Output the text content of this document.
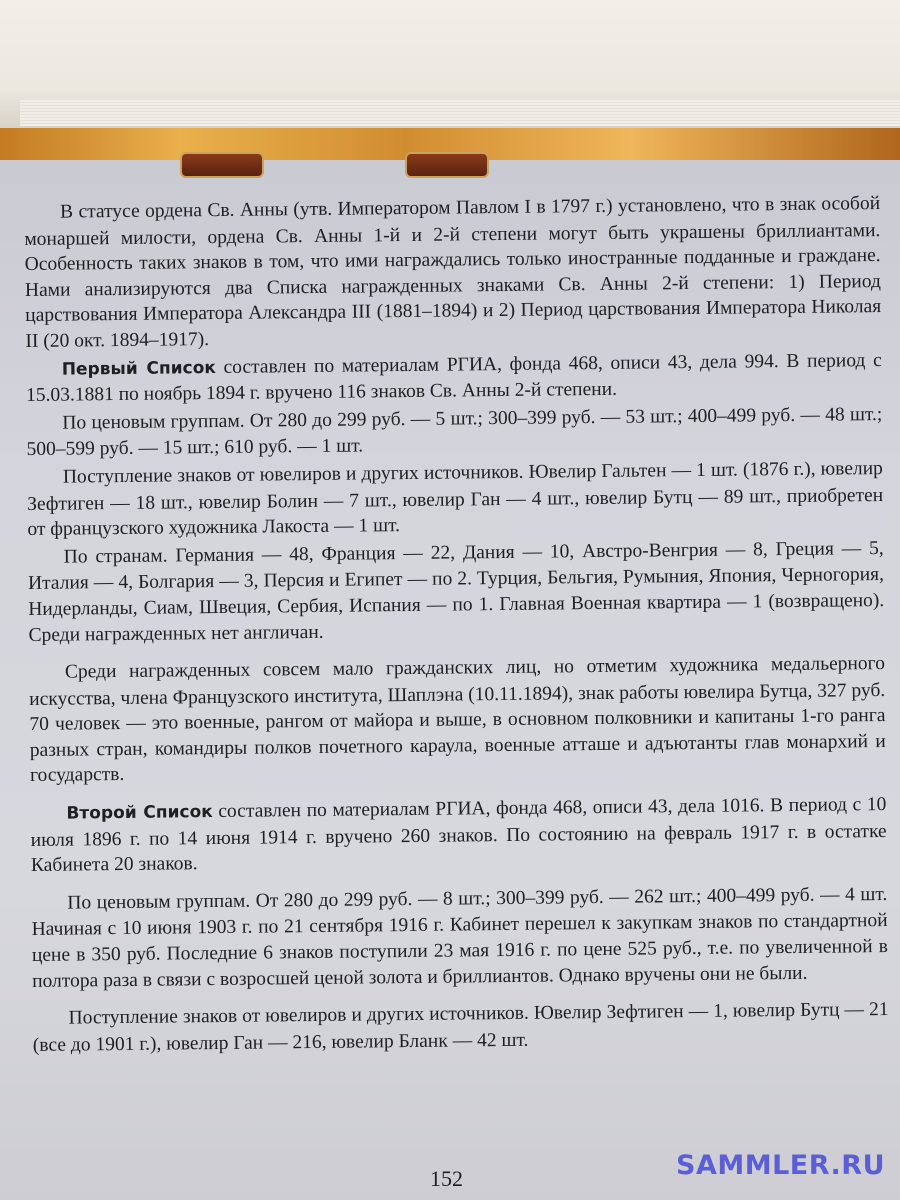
В статусе ордена Св. Анны (утв. Императором Павлом I в 1797 г.) установлено, что в знак особой монаршей милости, ордена Св. Анны 1-й и 2-й степени могут быть украшены бриллиантами. Особенность таких знаков в том, что ими награждались только иностранные подданные и граждане. Нами анализируются два Списка награжденных знаками Св. Анны 2-й степени: 1) Период царствования Императора Александра III (1881–1894) и 2) Период царствования Императора Николая II (20 окт. 1894–1917).

Первый Список составлен по материалам РГИА, фонда 468, описи 43, дела 994. В период с 15.03.1881 по ноябрь 1894 г. вручено 116 знаков Св. Анны 2-й степени.

По ценовым группам. От 280 до 299 руб. — 5 шт.; 300–399 руб. — 53 шт.; 400–499 руб. — 48 шт.; 500–599 руб. — 15 шт.; 610 руб. — 1 шт.

Поступление знаков от ювелиров и других источников. Ювелир Гальтен — 1 шт. (1876 г.), ювелир Зефтиген — 18 шт., ювелир Болин — 7 шт., ювелир Ган — 4 шт., ювелир Бутц — 89 шт., приобретен от французского художника Лакоста — 1 шт.

По странам. Германия — 48, Франция — 22, Дания — 10, Австро-Венгрия — 8, Греция — 5, Италия — 4, Болгария — 3, Персия и Египет — по 2. Турция, Бельгия, Румыния, Япония, Черногория, Нидерланды, Сиам, Швеция, Сербия, Испания — по 1. Главная Военная квартира — 1 (возвращено). Среди награжденных нет англичан.

Среди награжденных совсем мало гражданских лиц, но отметим художника медальерного искусства, члена Французского института, Шаплэна (10.11.1894), знак работы ювелира Бутца, 327 руб. 70 человек — это военные, рангом от майора и выше, в основном полковники и капитаны 1-го ранга разных стран, командиры полков почетного караула, военные атташе и адъютанты глав монархий и государств.

Второй Список составлен по материалам РГИА, фонда 468, описи 43, дела 1016. В период с 10 июля 1896 г. по 14 июня 1914 г. вручено 260 знаков. По состоянию на февраль 1917 г. в остатке Кабинета 20 знаков.

По ценовым группам. От 280 до 299 руб. — 8 шт.; 300–399 руб. — 262 шт.; 400–499 руб. — 4 шт. Начиная с 10 июня 1903 г. по 21 сентября 1916 г. Кабинет перешел к закупкам знаков по стандартной цене в 350 руб. Последние 6 знаков поступили 23 мая 1916 г. по цене 525 руб., т.е. по увеличенной в полтора раза в связи с возросшей ценой золота и бриллиантов. Однако вручены они не были.

Поступление знаков от ювелиров и других источников. Ювелир Зефтиген — 1, ювелир Бутц — 21 (все до 1901 г.), ювелир Ган — 216, ювелир Бланк — 42 шт.

152	SAMMLER.RU
